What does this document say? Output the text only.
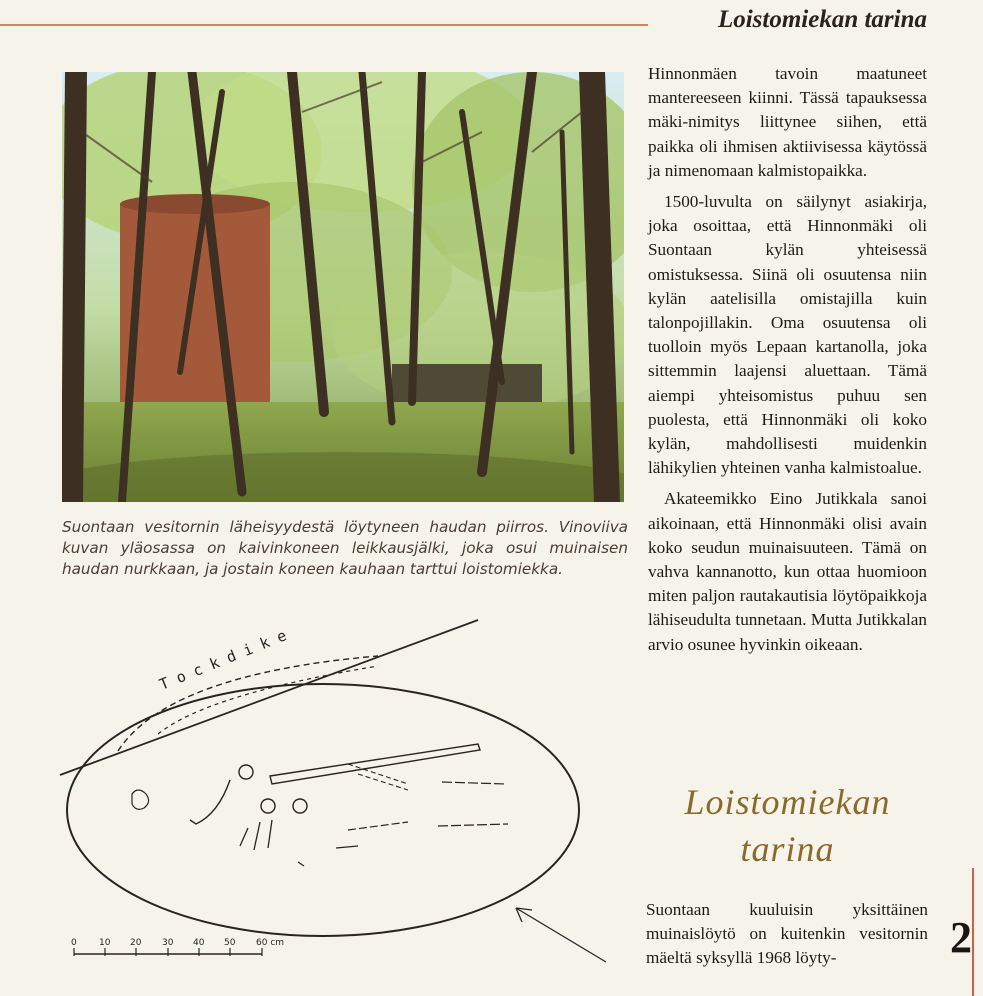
Loistomiekan tarina

Suontaan vesitornin läheisyydestä löytyneen haudan piirros. Vinoviiva kuvan yläosassa on kaivinkoneen leikkausjälki, joka osui muinaisen haudan nurkkaan, ja jostain koneen kauhaan tarttui loistomiekka.

T o c k d i k e
0 10 20 30 40 50 60 cm

Hinnonmäen tavoin maatuneet mantereeseen kiinni. Tässä tapauksessa mäki-nimitys liittynee siihen, että paikka oli ihmisen aktiivisessa käytössä ja nimenomaan kalmistopaikka.

1500-luvulta on säilynyt asiakirja, joka osoittaa, että Hinnonmäki oli Suontaan kylän yhteisessä omistuksessa. Siinä oli osuutensa niin kylän aatelisilla omistajilla kuin talonpojillakin. Oma osuutensa oli tuolloin myös Lepaan kartanolla, joka sittemmin laajensi aluettaan. Tämä aiempi yhteisomistus puhuu sen puolesta, että Hinnonmäki oli koko kylän, mahdollisesti muidenkin lähikylien yhteinen vanha kalmistoalue.

Akateemikko Eino Jutikkala sanoi aikoinaan, että Hinnonmäki olisi avain koko seudun muinaisuuteen. Tämä on vahva kannanotto, kun ottaa huomioon miten paljon rautakautisia löytöpaikkoja lähiseudulta tunnetaan. Mutta Jutikkalan arvio osunee hyvinkin oikeaan.

Loistomiekan
tarina

Suontaan kuuluisin yksittäinen muinaislöytö on kuitenkin vesitornin mäeltä syksyllä 1968 löyty-	2
